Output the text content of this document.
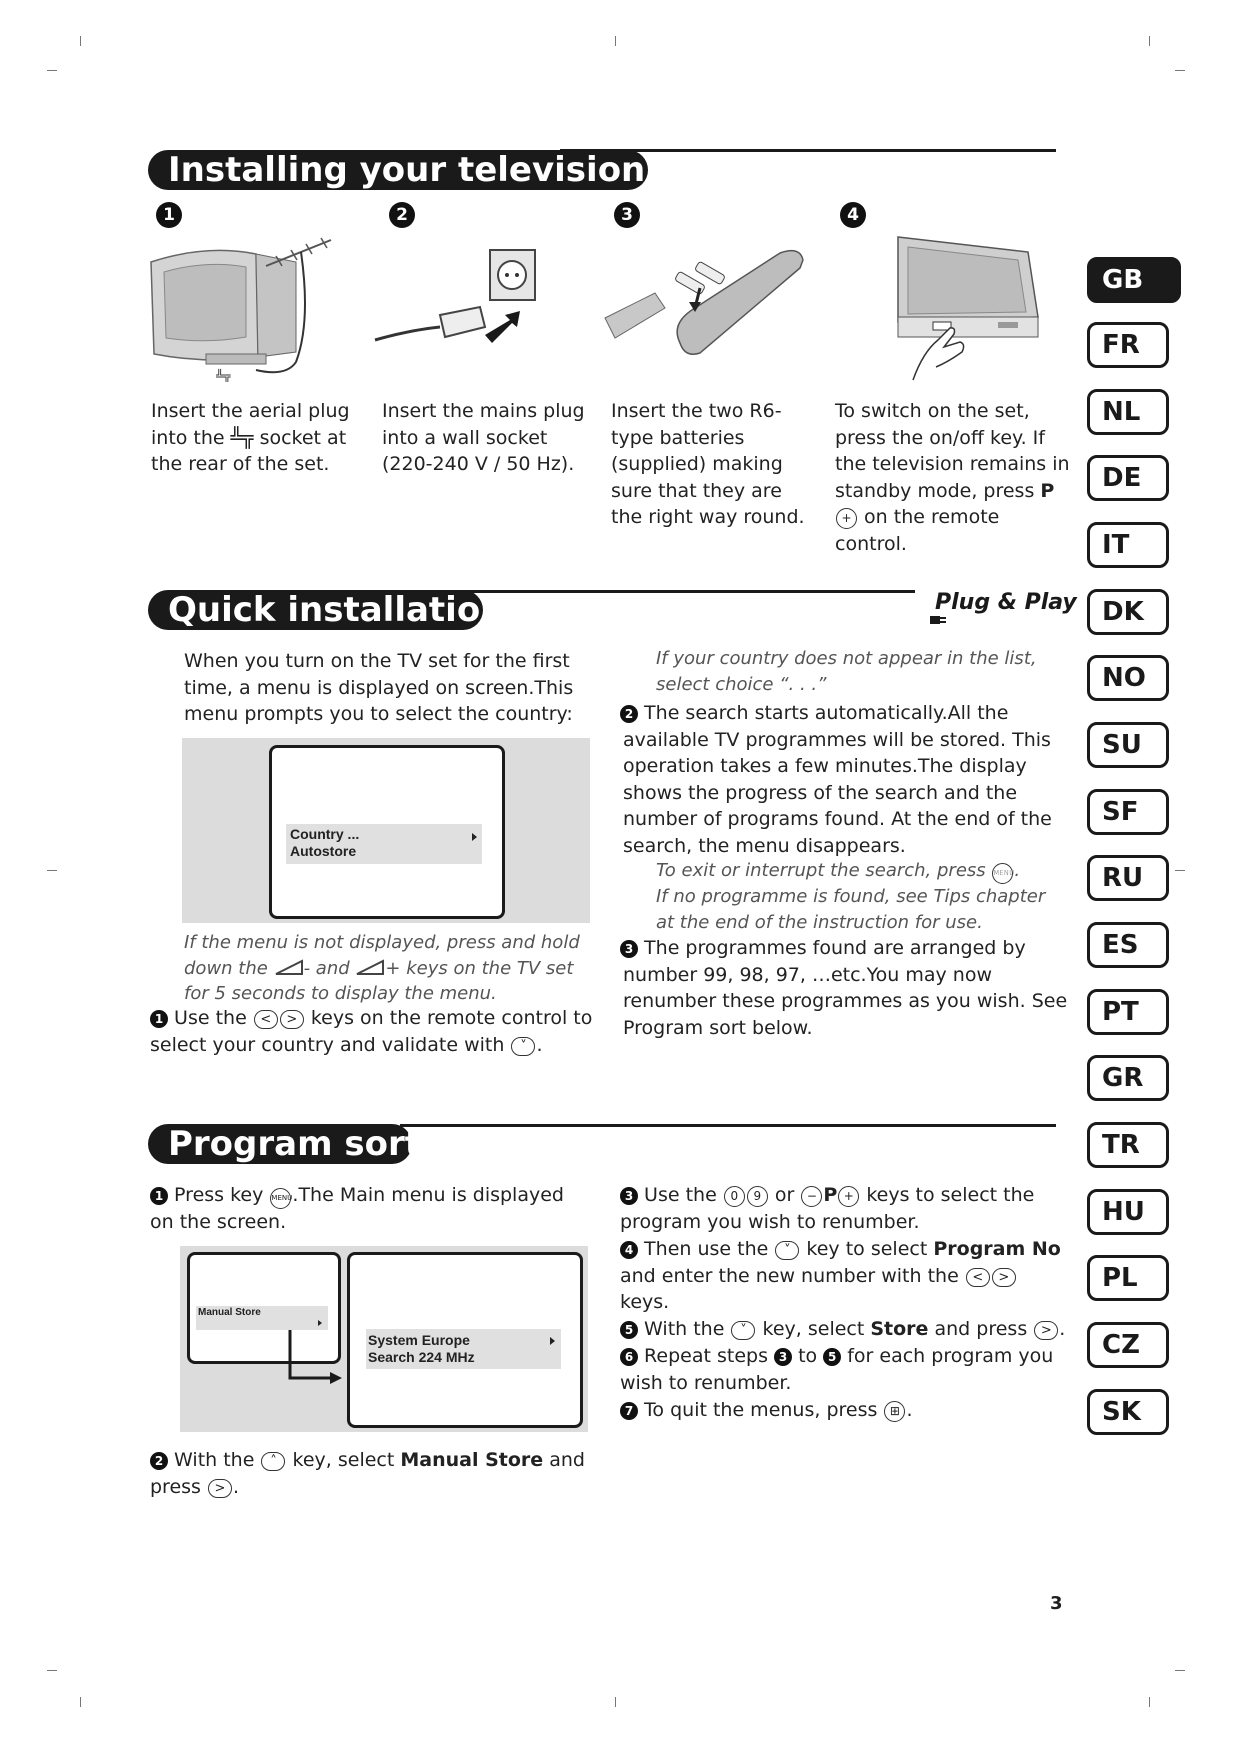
Installing your television set
1	2	3	4
╩╦
Insert the aerial plug into the ╩╦ socket at the rear of the set.
Insert the mains plug into a wall socket (220-240 V / 50 Hz).
Insert the two R6-type batteries (supplied) making sure that they are the right way round.
To switch on the set, press the on/off key. If the television remains in standby mode, press P + on the remote control.
Quick installation	Plug & Play
When you turn on the TV set for the first time, a menu is displayed on screen.This menu prompts you to select the country:
Country ...
Autostore
If the menu is not displayed, press and hold down the - and + keys on the TV set for 5 seconds to display the menu.
1 Use the < > keys on the remote control to select your country and validate with ˅ .
If your country does not appear in the list, select choice “. . .”
2 The search starts automatically.All the available TV programmes will be stored. This operation takes a few minutes.The display shows the progress of the search and the number of programs found. At the end of the search, the menu disappears.
To exit or interrupt the search, press MENU.
If no programme is found, see Tips chapter at the end of the instruction for use.
3 The programmes found are arranged by number 99, 98, 97, …etc.You may now renumber these programmes as you wish. See Program sort below.
Program sort
1 Press key MENU.The Main menu is displayed on the screen.
Manual Store
System Europe
Search 224 MHz
2 With the ˄ key, select Manual Store and press > .
3 Use the 0 9 or − P + keys to select the program you wish to renumber.
4 Then use the ˅ key to select Program No and enter the new number with the < > keys.
5 With the ˅ key, select Store and press > .
6 Repeat steps 3 to 5 for each program you wish to renumber.
7 To quit the menus, press ⊞ .
GB
FR
NL
DE
IT
DK
NO
SU
SF
RU
ES
PT
GR
TR
HU
PL
CZ
SK
3
